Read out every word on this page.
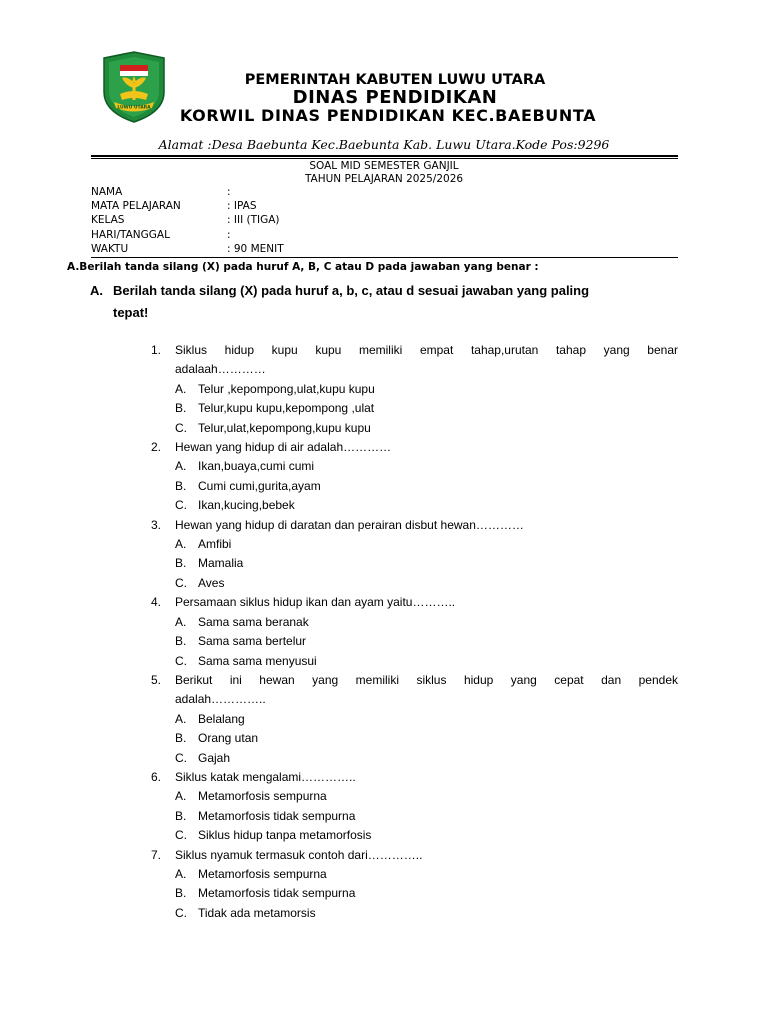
LUWU UTARA
PEMERINTAH KABUTEN LUWU UTARA
DINAS PENDIDIKAN
KORWIL DINAS PENDIDIKAN KEC.BAEBUNTA
Alamat :Desa Baebunta Kec.Baebunta Kab. Luwu Utara.Kode Pos:9296
SOAL MID SEMESTER GANJIL
TAHUN PELAJARAN 2025/2026
NAMA	:
MATA PELAJARAN	: IPAS
KELAS	: III (TIGA)
HARI/TANGGAL	:
WAKTU	: 90 MENIT
A.Berilah tanda silang (X) pada huruf A, B, C atau D pada jawaban yang benar :
A. Berilah tanda silang (X) pada huruf a, b, c, atau d sesuai jawaban yang paling
tepat!
1. Siklus hidup kupu kupu memiliki empat tahap,urutan tahap yang benar
adalaah…………
A. Telur ,kepompong,ulat,kupu kupu
B. Telur,kupu kupu,kepompong ,ulat
C. Telur,ulat,kepompong,kupu kupu
2. Hewan yang hidup di air adalah…………
A. Ikan,buaya,cumi cumi
B. Cumi cumi,gurita,ayam
C. Ikan,kucing,bebek
3. Hewan yang hidup di daratan dan perairan disbut hewan…………
A. Amfibi
B. Mamalia
C. Aves
4. Persamaan siklus hidup ikan dan ayam yaitu………..
A. Sama sama beranak
B. Sama sama bertelur
C. Sama sama menyusui
5. Berikut ini hewan yang memiliki siklus hidup yang cepat dan pendek
adalah…………..
A. Belalang
B. Orang utan
C. Gajah
6. Siklus katak mengalami…………..
A. Metamorfosis sempurna
B. Metamorfosis tidak sempurna
C. Siklus hidup tanpa metamorfosis
7. Siklus nyamuk termasuk contoh dari…………..
A. Metamorfosis sempurna
B. Metamorfosis tidak sempurna
C. Tidak ada metamorsis
